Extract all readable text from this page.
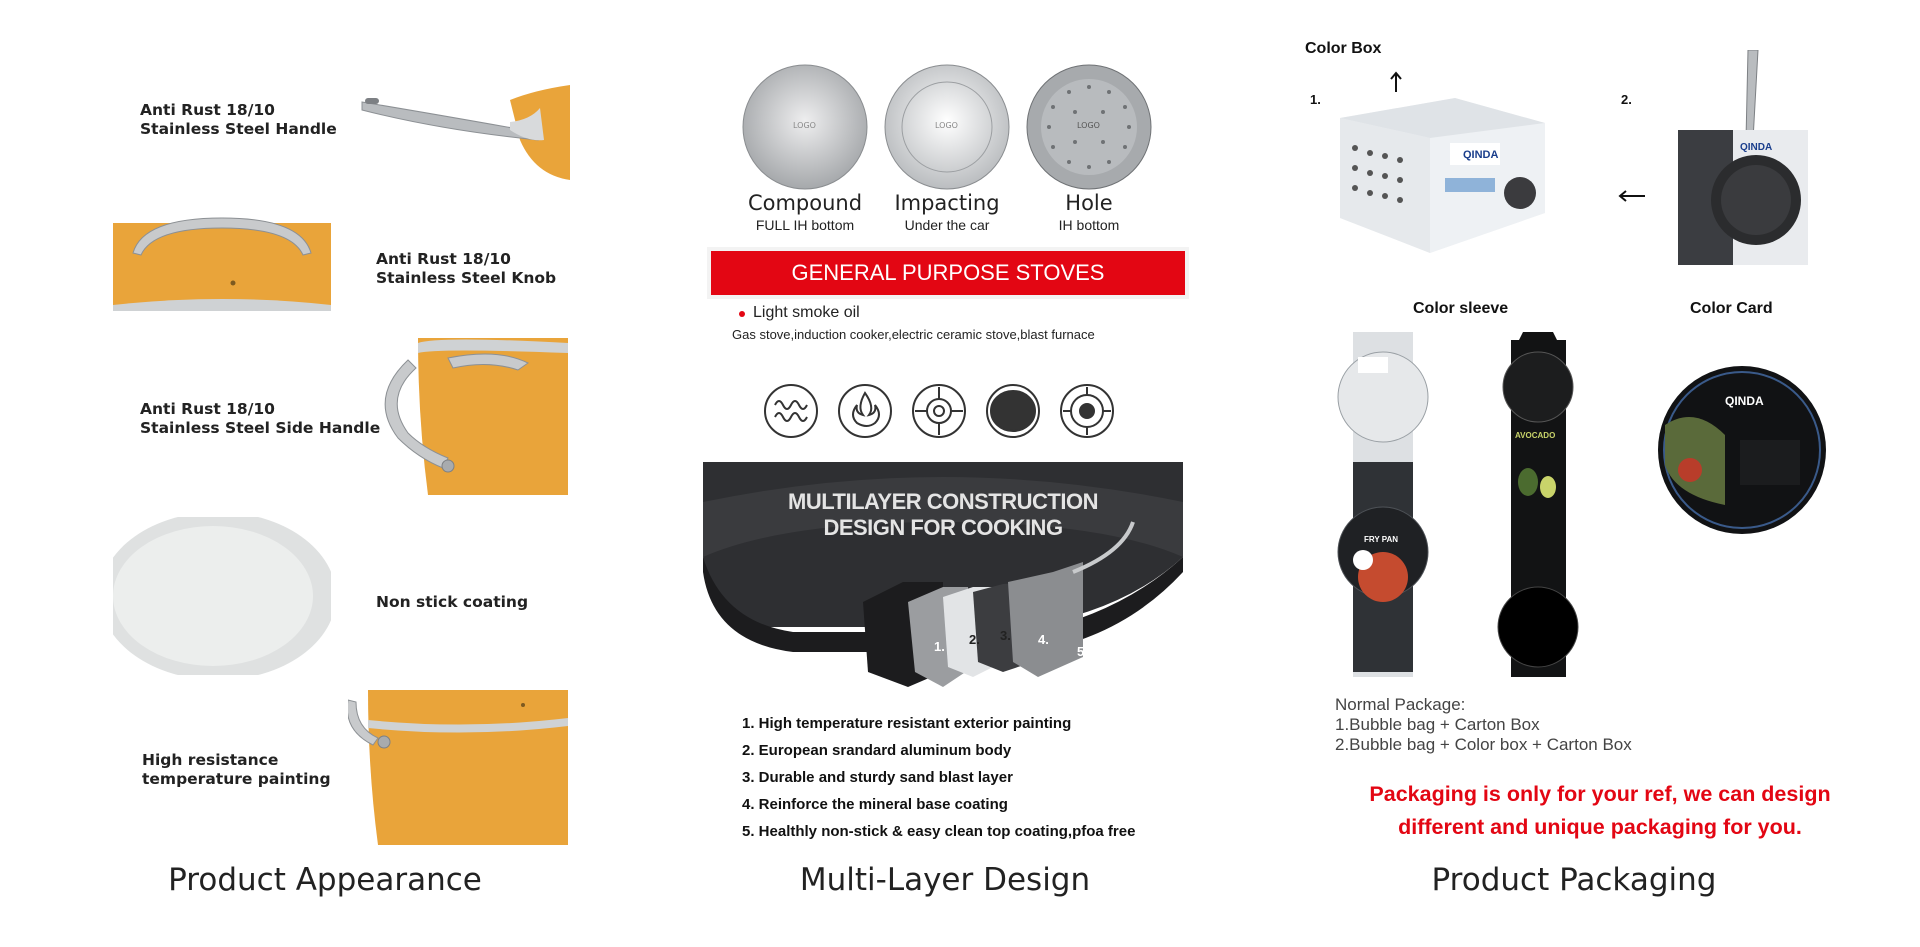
Anti Rust 18/10
Stainless Steel Handle
Anti Rust 18/10
Stainless Steel Knob
Anti Rust 18/10
Stainless Steel Side Handle
Non stick coating
High resistance
temperature painting
Product Appearance
LOGO	LOGO	LOGO
Compound
FULL IH bottom
Impacting
Under the car
Hole
IH bottom
GENERAL PURPOSE STOVES
Light smoke oil
Gas stove,induction cooker,electric ceramic stove,blast furnace
MULTILAYER CONSTRUCTION
DESIGN FOR COOKING
1. 2. 3. 4.
5.
1. High temperature resistant exterior painting
2. European srandard aluminum body
3. Durable and sturdy sand blast layer
4. Reinforce the mineral base coating
5. Healthly non-stick & easy clean top coating,pfoa free
Multi-Layer Design
Color Box
1.	2.
QINDA
QINDA
Color sleeve	Color Card
FRY PAN
AVOCADO
QINDA
Normal Package:
1.Bubble bag + Carton Box
2.Bubble bag + Color box + Carton Box
Packaging is only for your ref, we can design
different and unique packaging for you.
Product Packaging
